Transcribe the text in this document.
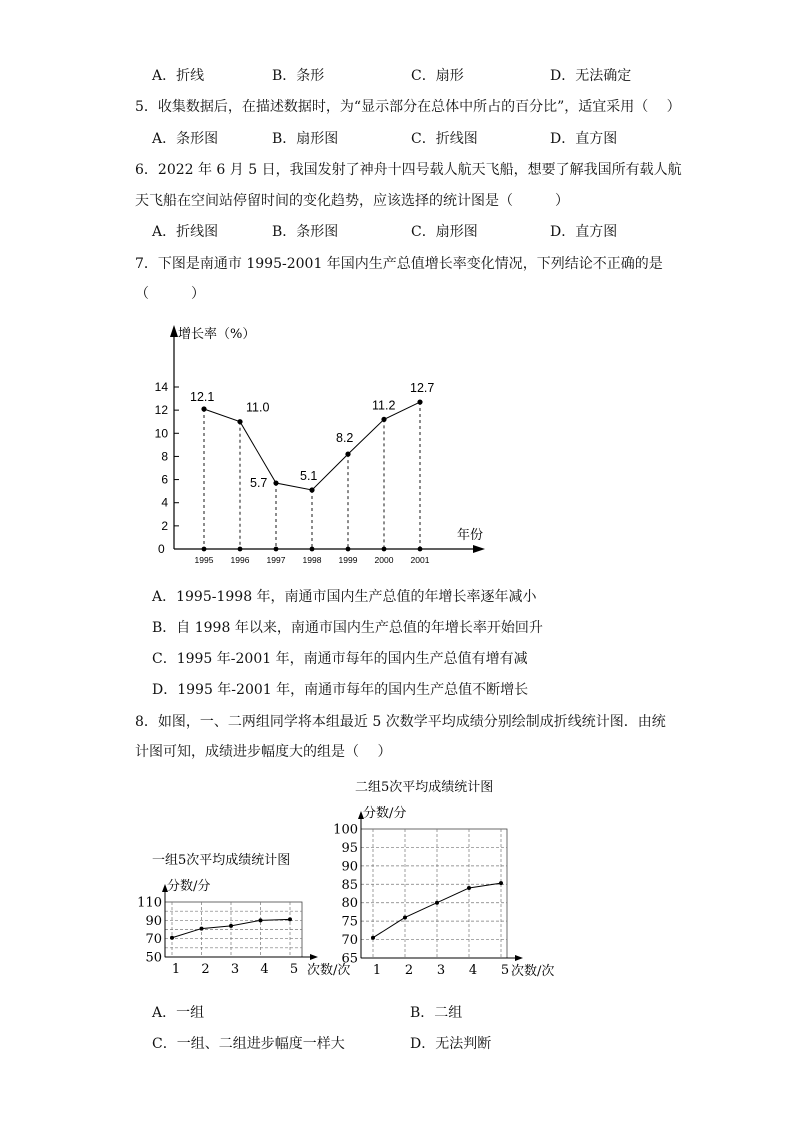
A．折线	B．条形	C．扇形	D．无法确定
5．收集数据后，在描述数据时，为“显示部分在总体中所占的百分比”，适宜采用（　 ）
A．条形图	B．扇形图	C．折线图	D．直方图
6．2022 年 6 月 5 日，我国发射了神舟十四号载人航天飞船，想要了解我国所有载人航
天飞船在空间站停留时间的变化趋势，应该选择的统计图是（　　　）
A．折线图	B．条形图	C．扇形图	D．直方图
7．下图是南通市 1995-2001 年国内生产总值增长率变化情况，下列结论不正确的是
（　　　）
增长率（%）
年份
0
2
4
6
8
10
12
14
1995
12.1
1996
11.0
1997
5.7
1998
5.1
1999
8.2
2000
11.2
2001
12.7
A．1995-1998 年，南通市国内生产总值的年增长率逐年减小
B．自 1998 年以来，南通市国内生产总值的年增长率开始回升
C．1995 年-2001 年，南通市每年的国内生产总值有增有减
D．1995 年-2001 年，南通市每年的国内生产总值不断增长
8．如图，一、二两组同学将本组最近 5 次数学平均成绩分别绘制成折线统计图．由统
计图可知，成绩进步幅度大的组是（　 ）
一组5次平均成绩统计图
分数/分
次数/次
50
70
90
110
1 2 3 4 5
二组5次平均成绩统计图
分数/分
次数/次
65
70
75
80
85
90
95
100
1 2 3 4 5
A．一组	B．二组
C．一组、二组进步幅度一样大	D．无法判断
